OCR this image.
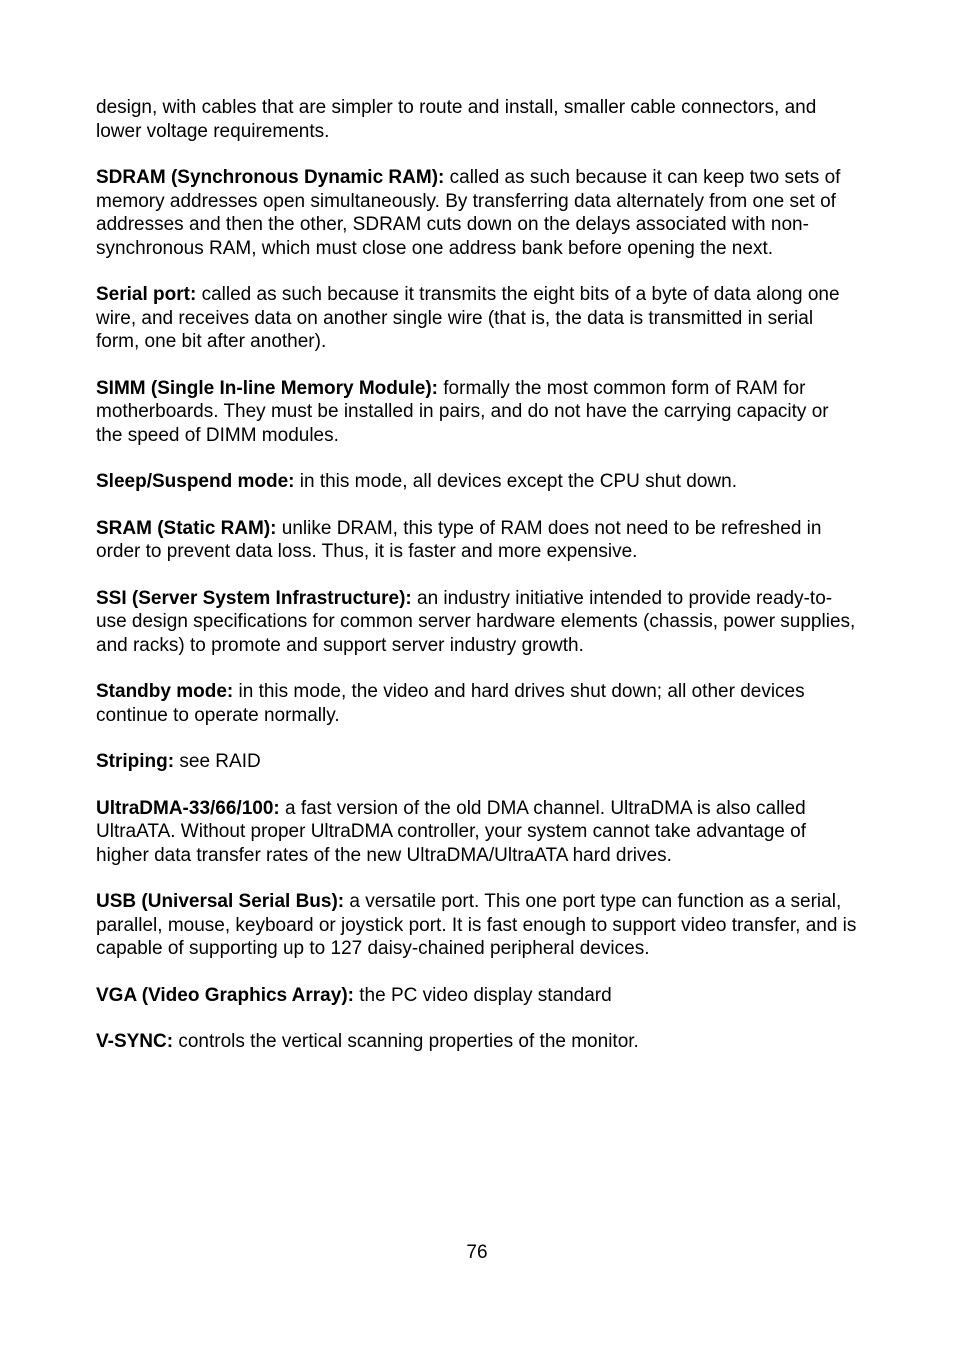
design, with cables that are simpler to route and install, smaller cable connectors, and lower voltage requirements.

SDRAM (Synchronous Dynamic RAM): called as such because it can keep two sets of memory addresses open simultaneously. By transferring data alternately from one set of addresses and then the other, SDRAM cuts down on the delays associated with non-synchronous RAM, which must close one address bank before opening the next.

Serial port: called as such because it transmits the eight bits of a byte of data along one wire, and receives data on another single wire (that is, the data is transmitted in serial form, one bit after another).

SIMM (Single In-line Memory Module): formally the most common form of RAM for motherboards. They must be installed in pairs, and do not have the carrying capacity or the speed of DIMM modules.

Sleep/Suspend mode: in this mode, all devices except the CPU shut down.

SRAM (Static RAM): unlike DRAM, this type of RAM does not need to be refreshed in order to prevent data loss. Thus, it is faster and more expensive.

SSI (Server System Infrastructure): an industry initiative intended to provide ready-to-use design specifications for common server hardware elements (chassis, power supplies, and racks) to promote and support server industry growth.

Standby mode: in this mode, the video and hard drives shut down; all other devices continue to operate normally.

Striping: see RAID

UltraDMA-33/66/100: a fast version of the old DMA channel. UltraDMA is also called UltraATA. Without proper UltraDMA controller, your system cannot take advantage of higher data transfer rates of the new UltraDMA/UltraATA hard drives.

USB (Universal Serial Bus): a versatile port. This one port type can function as a serial, parallel, mouse, keyboard or joystick port. It is fast enough to support video transfer, and is capable of supporting up to 127 daisy-chained peripheral devices.

VGA (Video Graphics Array): the PC video display standard

V-SYNC: controls the vertical scanning properties of the monitor.

76
